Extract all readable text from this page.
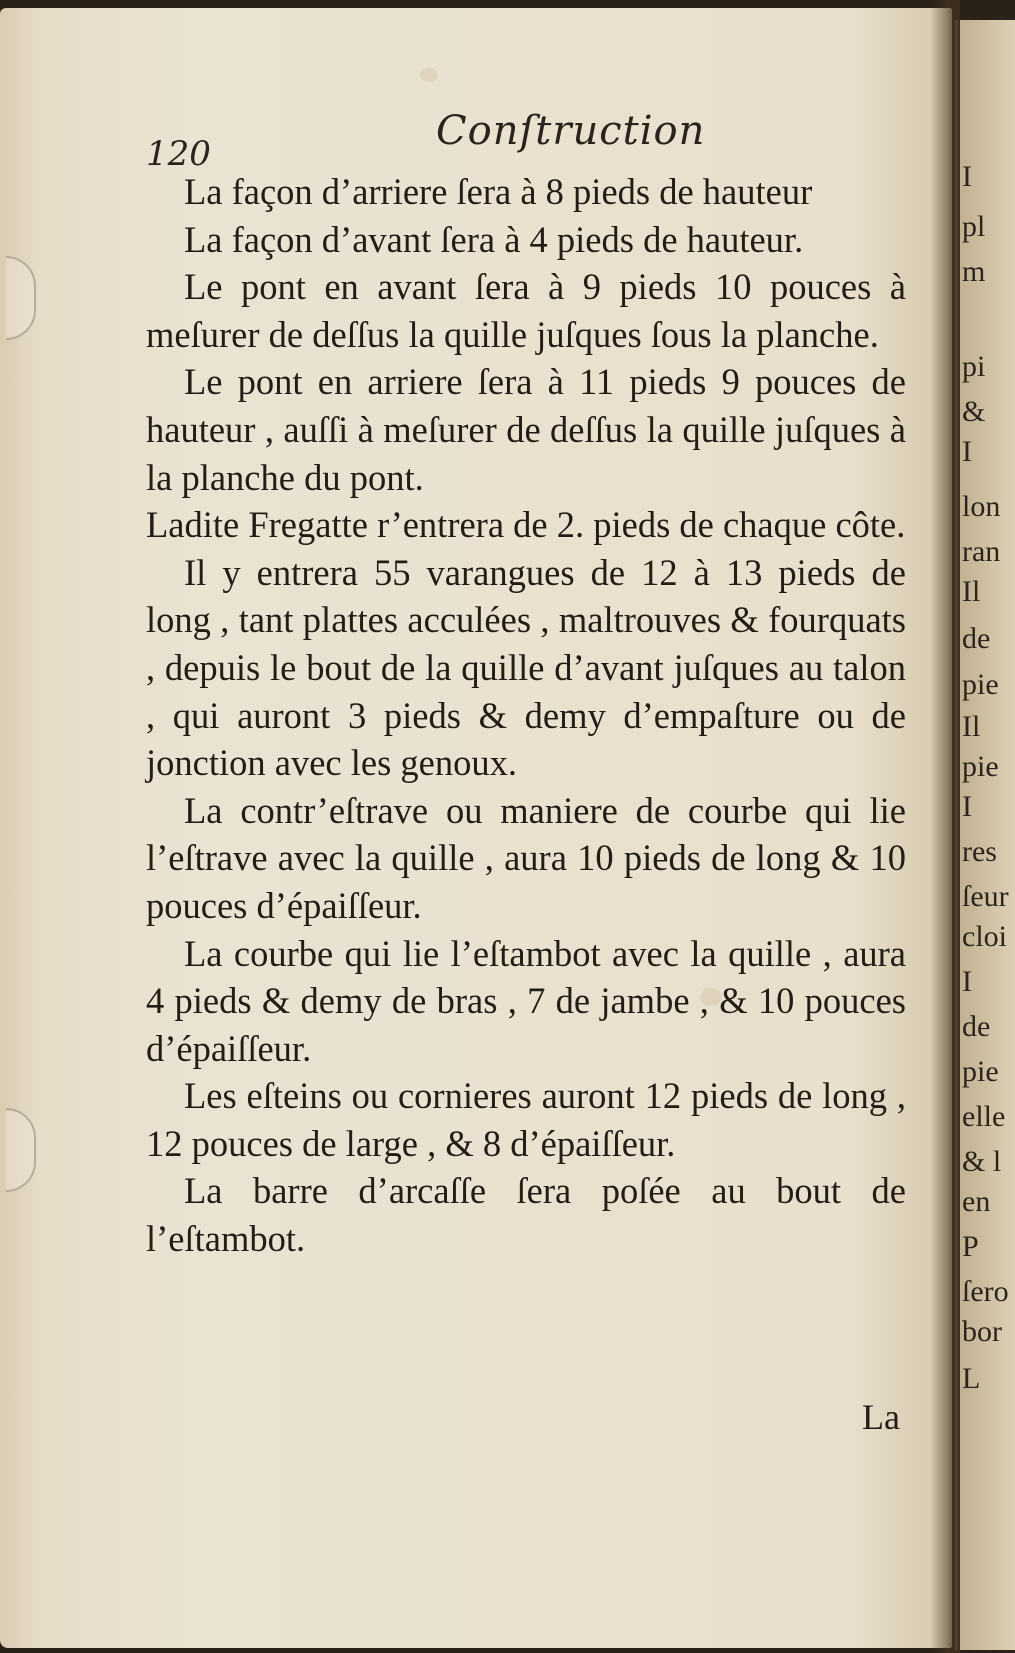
I
pl
m
pi
&
I
lon
ran
Il
de
pie
Il
pie
I
res
ſeur
cloi
I
de
pie
elle
& l
en
P
ſero
bor
L
120	Conſtruction

La façon d’arriere ſera à 8 pieds de hauteur

La façon d’avant ſera à 4 pieds de hauteur.

Le pont en avant ſera à 9 pieds 10 pouces à meſurer de deſſus la quille juſques ſous la planche.

Le pont en arriere ſera à 11 pieds 9 pouces de hauteur , auſſi à meſurer de deſſus la quille juſques à la planche du pont.

Ladite Fregatte r’entrera de 2. pieds de chaque côte.

Il y entrera 55 varangues de 12 à 13 pieds de long , tant plattes acculées , maltrouves & fourquats , depuis le bout de la quille d’avant juſques au talon , qui auront 3 pieds & demy d’empaſture ou de jonction avec les genoux.

La contr’eſtrave ou maniere de courbe qui lie l’eſtrave avec la quille , aura 10 pieds de long & 10 pouces d’épaiſſeur.

La courbe qui lie l’eſtambot avec la quille , aura 4 pieds & demy de bras , 7 de jambe , & 10 pouces d’épaiſſeur.

Les eſteins ou cornieres auront 12 pieds de long , 12 pouces de large , & 8 d’épaiſſeur.

La barre d’arcaſſe ſera poſée au bout de l’eſtambot.

La
